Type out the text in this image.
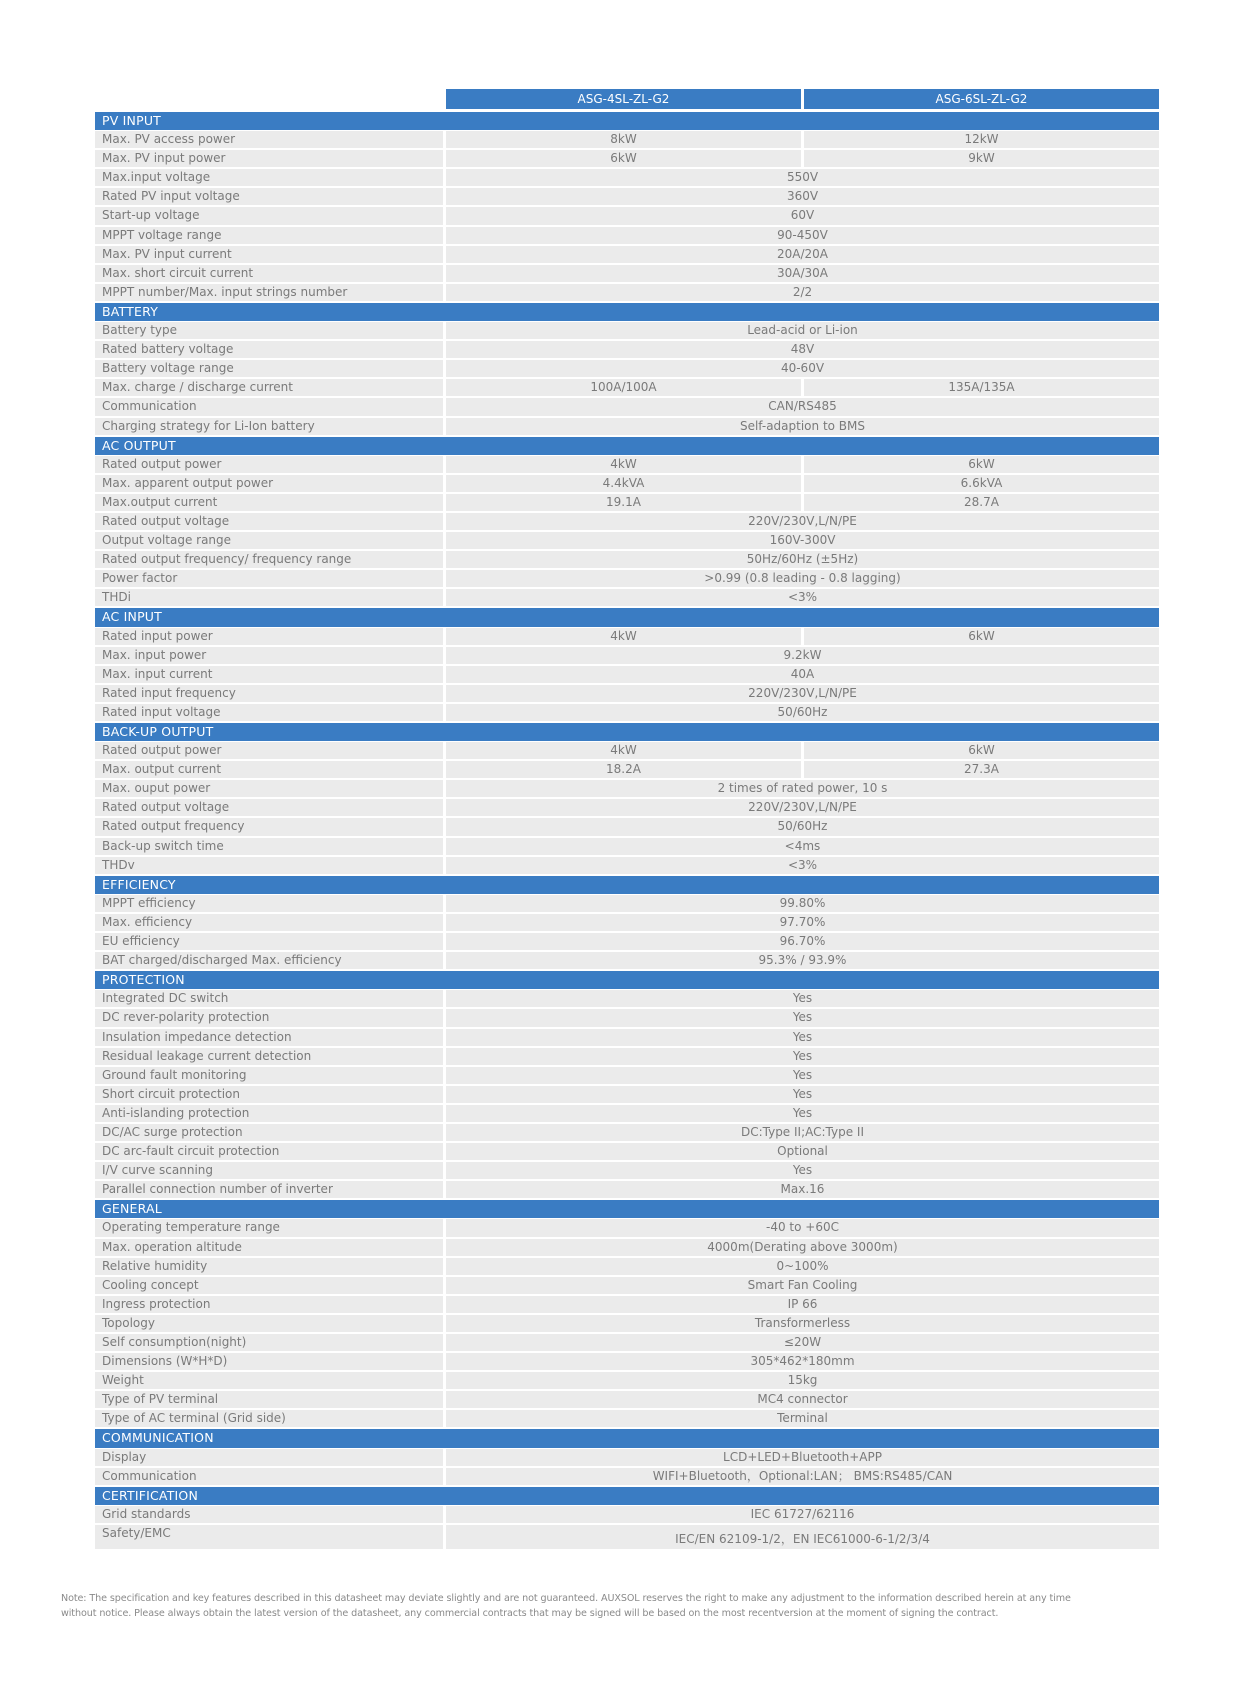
ASG-4SL-ZL-G2	ASG-6SL-ZL-G2
PV INPUT
Max. PV access power	8kW	12kW
Max. PV input power	6kW	9kW
Max.input voltage	550V
Rated PV input voltage	360V
Start-up voltage	60V
MPPT voltage range	90-450V
Max. PV input current	20A/20A
Max. short circuit current	30A/30A
MPPT number/Max. input strings number	2/2
BATTERY
Battery type	Lead-acid or Li-ion
Rated battery voltage	48V
Battery voltage range	40-60V
Max. charge / discharge current	100A/100A	135A/135A
Communication	CAN/RS485
Charging strategy for Li-Ion battery	Self-adaption to BMS
AC OUTPUT
Rated output power	4kW	6kW
Max. apparent output power	4.4kVA	6.6kVA
Max.output current	19.1A	28.7A
Rated output voltage	220V/230V,L/N/PE
Output voltage range	160V-300V
Rated output frequency/ frequency range	50Hz/60Hz (±5Hz)
Power factor	>0.99 (0.8 leading - 0.8 lagging)
THDi	<3%
AC INPUT
Rated input power	4kW	6kW
Max. input power	9.2kW
Max. input current	40A
Rated input frequency	220V/230V,L/N/PE
Rated input voltage	50/60Hz
BACK-UP OUTPUT
Rated output power	4kW	6kW
Max. output current	18.2A	27.3A
Max. ouput power	2 times of rated power, 10 s
Rated output voltage	220V/230V,L/N/PE
Rated output frequency	50/60Hz
Back-up switch time	<4ms
THDv	<3%
EFFICIENCY
MPPT efficiency	99.80%
Max. efficiency	97.70%
EU efficiency	96.70%
BAT charged/discharged Max. efficiency	95.3% / 93.9%
PROTECTION
Integrated DC switch	Yes
DC rever-polarity protection	Yes
Insulation impedance detection	Yes
Residual leakage current detection	Yes
Ground fault monitoring	Yes
Short circuit protection	Yes
Anti-islanding protection	Yes
DC/AC surge protection	DC:Type II;AC:Type II
DC arc-fault circuit protection	Optional
I/V curve scanning	Yes
Parallel connection number of inverter	Max.16
GENERAL
Operating temperature range	-40 to +60C
Max. operation altitude	4000m(Derating above 3000m)
Relative humidity	0~100%
Cooling concept	Smart Fan Cooling
Ingress protection	IP 66
Topology	Transformerless
Self consumption(night)	≤20W
Dimensions (W*H*D)	305*462*180mm
Weight	15kg
Type of PV terminal	MC4 connector
Type of AC terminal (Grid side)	Terminal
COMMUNICATION
Display	LCD+LED+Bluetooth+APP
Communication	WIFI+Bluetooth，Optional:LAN； BMS:RS485/CAN
CERTIFICATION
Grid standards	IEC 61727/62116
Safety/EMC	IEC/EN 62109-1/2，EN IEC61000-6-1/2/3/4
Note: The specification and key features described in this datasheet may deviate slightly and are not guaranteed. AUXSOL reserves the right to make any adjustment to the information described herein at any time
without notice. Please always obtain the latest version of the datasheet, any commercial contracts that may be signed will be based on the most recentversion at the moment of signing the contract.
